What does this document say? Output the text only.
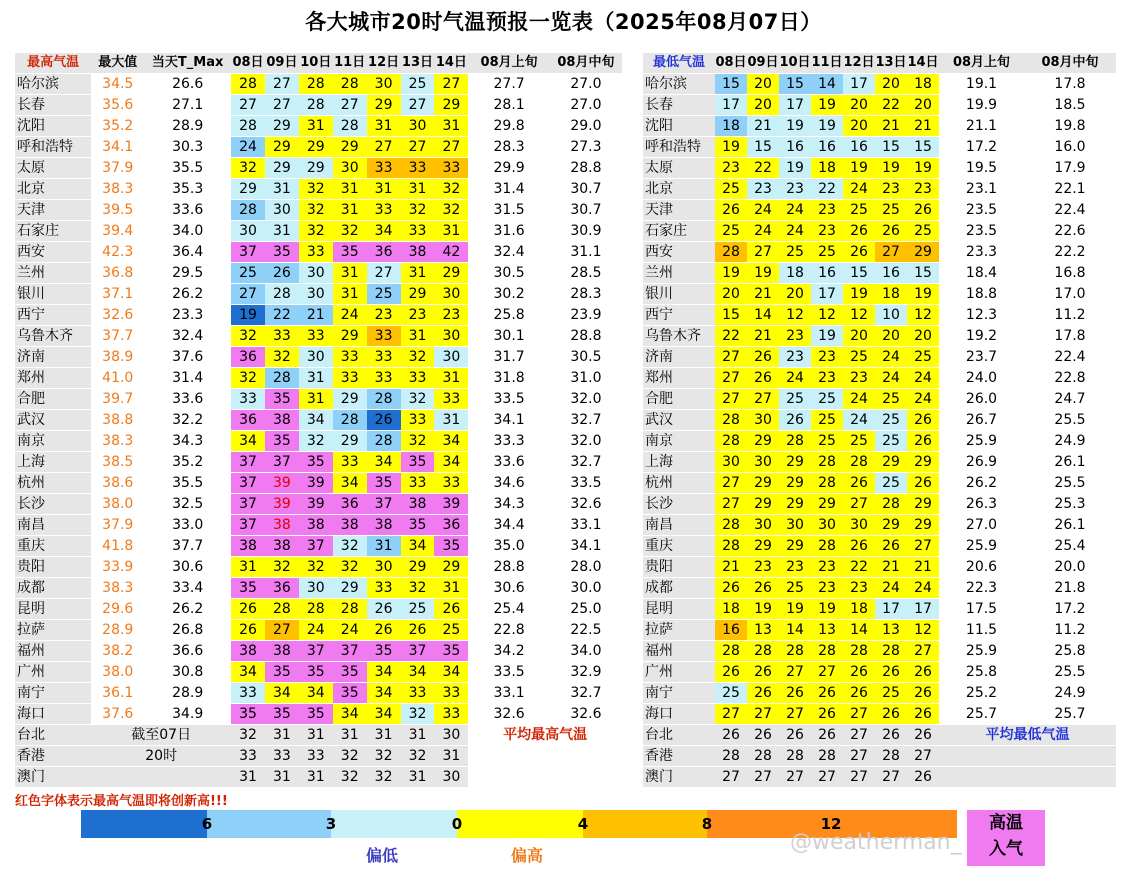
各大城市20时气温预报一览表（2025年08月07日）
最高气温	最大值	当天T_Max	08日	09日	10日	11日	12日	13日	14日	08月上旬	08月中旬
哈尔滨	34.5	26.6	28	27	28	28	30	25	27	27.7	27.0
长春	35.6	27.1	27	27	28	27	29	27	29	28.1	27.0
沈阳	35.2	28.9	28	29	31	28	31	30	31	29.8	29.0
呼和浩特	34.1	30.3	24	29	29	29	27	27	27	28.3	27.3
太原	37.9	35.5	32	29	29	30	33	33	33	29.9	28.8
北京	38.3	35.3	29	31	32	31	31	31	32	31.4	30.7
天津	39.5	33.6	28	30	32	31	33	32	32	31.5	30.7
石家庄	39.4	34.0	30	31	32	32	34	33	31	31.6	30.9
西安	42.3	36.4	37	35	33	35	36	38	42	32.4	31.1
兰州	36.8	29.5	25	26	30	31	27	31	29	30.5	28.5
银川	37.1	26.2	27	28	30	31	25	29	30	30.2	28.3
西宁	32.6	23.3	19	22	21	24	23	23	23	25.8	23.9
乌鲁木齐	37.7	32.4	32	33	33	29	33	31	30	30.1	28.8
济南	38.9	37.6	36	32	30	33	33	32	30	31.7	30.5
郑州	41.0	31.4	32	28	31	33	33	33	31	31.8	31.0
合肥	39.7	33.6	33	35	31	29	28	32	33	33.5	32.0
武汉	38.8	32.2	36	38	34	28	26	33	31	34.1	32.7
南京	38.3	34.3	34	35	32	29	28	32	34	33.3	32.0
上海	38.5	35.2	37	37	35	33	34	35	34	33.6	32.7
杭州	38.6	35.5	37	39	39	34	35	33	33	34.6	33.5
长沙	38.0	32.5	37	39	39	36	37	38	39	34.3	32.6
南昌	37.9	33.0	37	38	38	38	38	35	36	34.4	33.1
重庆	41.8	37.7	38	38	37	32	31	34	35	35.0	34.1
贵阳	33.9	30.6	31	32	32	32	30	29	29	28.8	28.0
成都	38.3	33.4	35	36	30	29	33	32	31	30.6	30.0
昆明	29.6	26.2	26	28	28	28	26	25	26	25.4	25.0
拉萨	28.9	26.8	26	27	24	24	26	26	25	22.8	22.5
福州	38.2	36.6	38	38	37	37	35	37	35	34.2	34.0
广州	38.0	30.8	34	35	35	35	34	34	34	33.5	32.9
南宁	36.1	28.9	33	34	34	35	34	33	33	33.1	32.7
海口	37.6	34.9	35	35	35	34	34	32	33	32.6	32.6
台北	截至07日		32	31	31	31	31	31	30	平均最高气温	
香港	20时		33	33	33	32	32	32	31		
澳门			31	31	31	32	32	31	30		
最低气温	08日	09日	10日	11日	12日	13日	14日	08月上旬	08月中旬
哈尔滨	15	20	15	14	17	20	18	19.1	17.8
长春	17	20	17	19	20	22	20	19.9	18.5
沈阳	18	21	19	19	20	21	21	21.1	19.8
呼和浩特	19	15	16	16	16	15	15	17.2	16.0
太原	23	22	19	18	19	19	19	19.5	17.9
北京	25	23	23	22	24	23	23	23.1	22.1
天津	26	24	24	23	25	25	26	23.5	22.4
石家庄	25	24	24	23	26	26	25	23.5	22.6
西安	28	27	25	25	26	27	29	23.3	22.2
兰州	19	19	18	16	15	16	15	18.4	16.8
银川	20	21	20	17	19	18	19	18.8	17.0
西宁	15	14	12	12	12	10	12	12.3	11.2
乌鲁木齐	22	21	23	19	20	20	20	19.2	17.8
济南	27	26	23	23	25	24	25	23.7	22.4
郑州	27	26	24	23	23	24	24	24.0	22.8
合肥	27	27	25	25	24	25	24	26.0	24.7
武汉	28	30	26	25	24	25	26	26.7	25.5
南京	28	29	28	25	25	25	26	25.9	24.9
上海	30	30	29	28	28	29	29	26.9	26.1
杭州	27	29	29	28	26	25	26	26.2	25.5
长沙	27	29	29	29	27	28	29	26.3	25.3
南昌	28	30	30	30	30	29	29	27.0	26.1
重庆	28	29	29	28	26	26	27	25.9	25.4
贵阳	21	23	23	23	22	21	21	20.6	20.0
成都	26	26	25	23	23	24	24	22.3	21.8
昆明	18	19	19	19	18	17	17	17.5	17.2
拉萨	16	13	14	13	14	13	12	11.5	11.2
福州	28	28	28	28	28	28	27	25.9	25.8
广州	26	26	27	27	26	26	26	25.8	25.5
南宁	25	26	26	26	26	25	26	25.2	24.9
海口	27	27	27	26	27	26	26	25.7	25.7
台北	26	26	26	26	27	26	26	平均最低气温	
香港	28	28	28	28	27	28	27		
澳门	27	27	27	27	27	27	26		
红色字体表示最高气温即将创新高!!!
6	3	0	4	8	12	高温
入气
偏低	偏高
@weatherman_
